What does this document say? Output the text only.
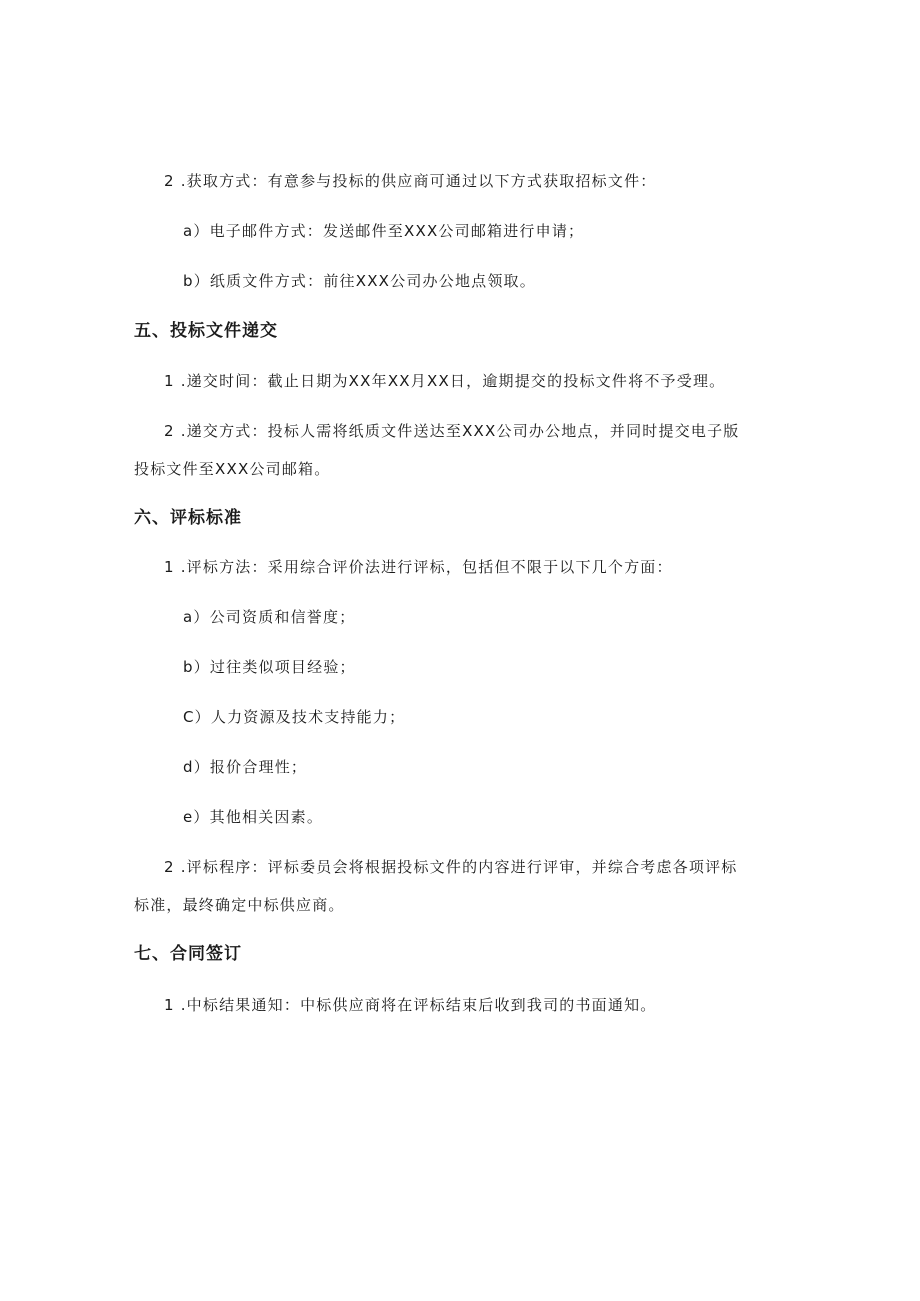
2 .获取方式：有意参与投标的供应商可通过以下方式获取招标文件：
a）电子邮件方式：发送邮件至XXX公司邮箱进行申请；
b）纸质文件方式：前往XXX公司办公地点领取。
五、投标文件递交
1 .递交时间：截止日期为XX年XX月XX日，逾期提交的投标文件将不予受理。
2 .递交方式：投标人需将纸质文件送达至XXX公司办公地点，并同时提交电子版
投标文件至XXX公司邮箱。
六、评标标准
1 .评标方法：采用综合评价法进行评标，包括但不限于以下几个方面：
a）公司资质和信誉度；
b）过往类似项目经验；
C）人力资源及技术支持能力；
d）报价合理性；
e）其他相关因素。
2 .评标程序：评标委员会将根据投标文件的内容进行评审，并综合考虑各项评标
标准，最终确定中标供应商。
七、合同签订
1 .中标结果通知：中标供应商将在评标结束后收到我司的书面通知。
